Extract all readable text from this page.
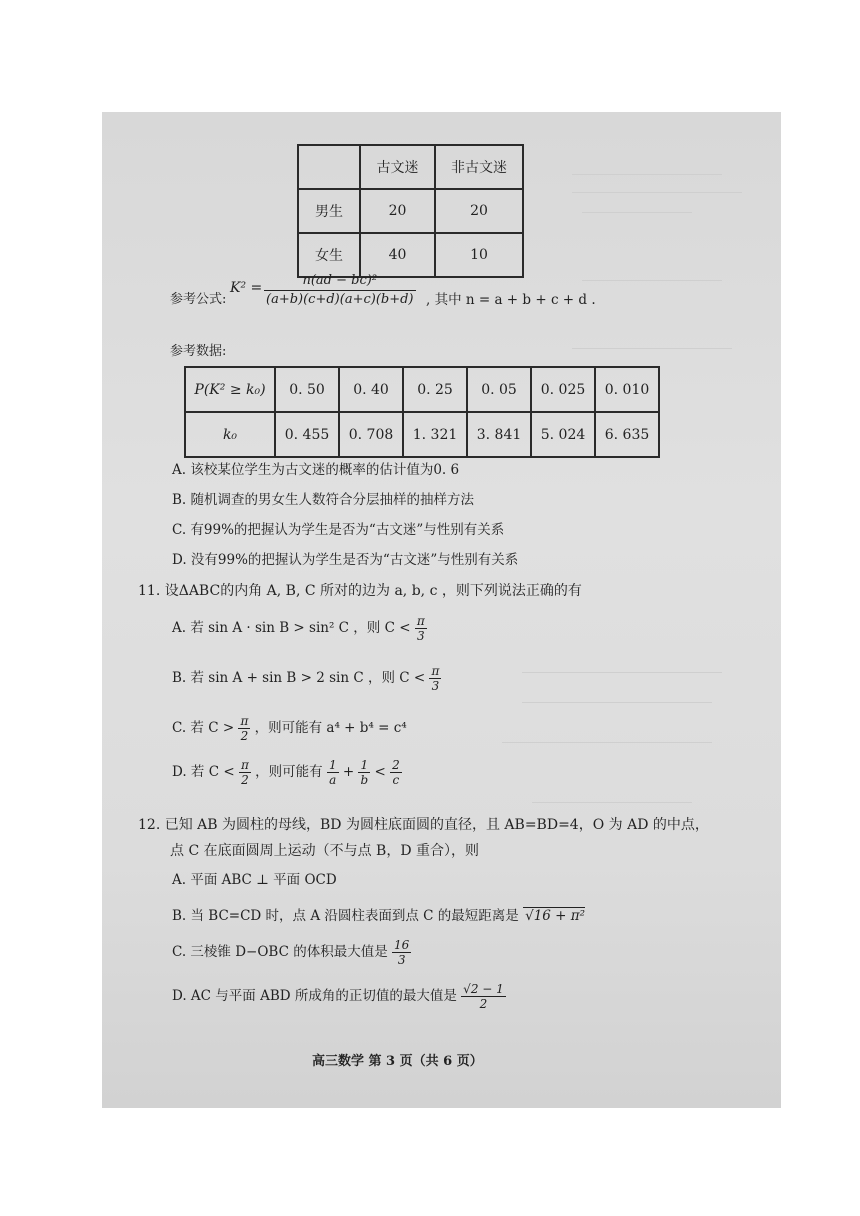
	古文迷	非古文迷
男生	20	20
女生	40	10
参考公式:
$K^2 = \frac{\text{n(ad − bc)²}}{(a+b)(c+d)(a+c)(b+d)}$ , 其中 n = a + b + c + d .
参考数据:
P(K² ≥ k₀)	0. 50	0. 40	0. 25	0. 05	0. 025	0. 010
k₀	0. 455	0. 708	1. 321	3. 841	5. 024	6. 635
A. 该校某位学生为古文迷的概率的估计值为0. 6
B. 随机调查的男女生人数符合分层抽样的抽样方法
C. 有99%的把握认为学生是否为“古文迷”与性别有关系
D. 没有99%的把握认为学生是否为“古文迷”与性别有关系
11. 设ΔABC的内角 A, B, C 所对的边为 a, b, c ，则下列说法正确的有
A. 若 sin A · sin B > sin² C ，则 $C < \frac{\pi}{3}$
B. 若 sin A + sin B > 2 sin C ，则 $C < \frac{\pi}{3}$
C. 若 $C > \frac{\pi}{2}$ ，则可能有 a⁴ + b⁴ = c⁴
D. 若 $C < \frac{\pi}{2}$ ，则可能有 $\frac{1}{a} + \frac{1}{b} < \frac{2}{c}$
12. 已知 AB 为圆柱的母线，BD 为圆柱底面圆的直径，且 AB=BD=4，O 为 AD 的中点，
点 C 在底面圆周上运动（不与点 B，D 重合），则
A. 平面 ABC ⊥ 平面 OCD
B. 当 BC=CD 时，点 A 沿圆柱表面到点 C 的最短距离是 √16 + π²
C. 三棱锥 D−OBC 的体积最大值是 $\frac{16}{3}$
D. AC 与平面 ABD 所成角的正切值的最大值是 $\frac{√2 - 1}{2}$
高三数学 第 3 页（共 6 页）
